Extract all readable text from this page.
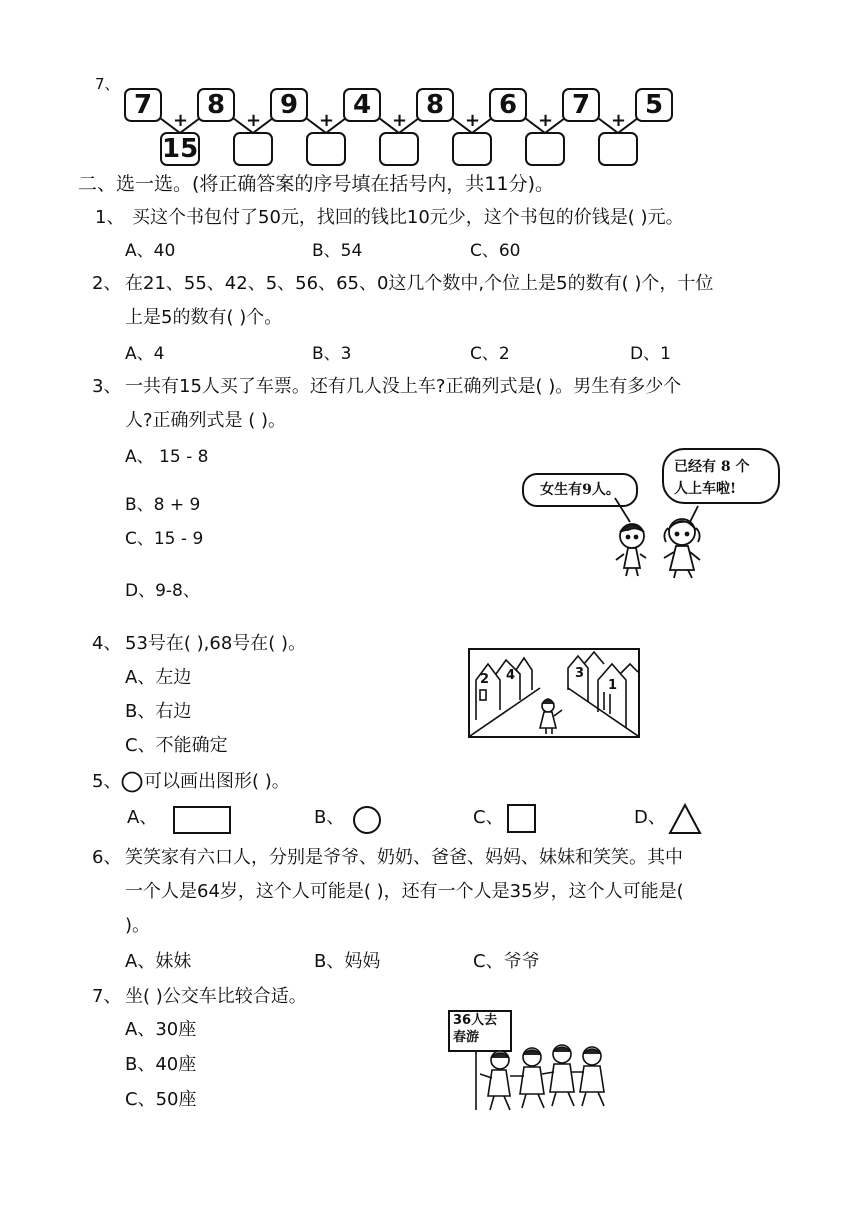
7、
7	8	9	4	8	6	7	5
+	+	+	+	+	+	+
15
二、选一选。(将正确答案的序号填在括号内，共11分)。
1、 买这个书包付了50元，找回的钱比10元少，这个书包的价钱是( )元。
A、40	B、54	C、60
2、 在21、55、42、5、56、65、0这几个数中,个位上是5的数有( )个，十位
上是5的数有( )个。
A、4	B、3	C、2	D、1
3、 一共有15人买了车票。还有几人没上车?正确列式是( )。男生有多少个
人?正确列式是 ( )。
A、 15 - 8
B、8 + 9
C、15 - 9
D、9-8、
女生有9人。
已经有 8 个
人上车啦!
4、 53号在( ),68号在( )。
A、左边
B、右边
C、不能确定
2 4	3
1
5、 可以画出图形( )。
A、	B、	C、	D、
6、 笑笑家有六口人，分别是爷爷、奶奶、爸爸、妈妈、妹妹和笑笑。其中
一个人是64岁，这个人可能是( )，还有一个人是35岁，这个人可能是(
)。
A、妹妹	B、妈妈	C、爷爷
7、 坐( )公交车比较合适。
A、30座
B、40座
C、50座
36人去
春游
